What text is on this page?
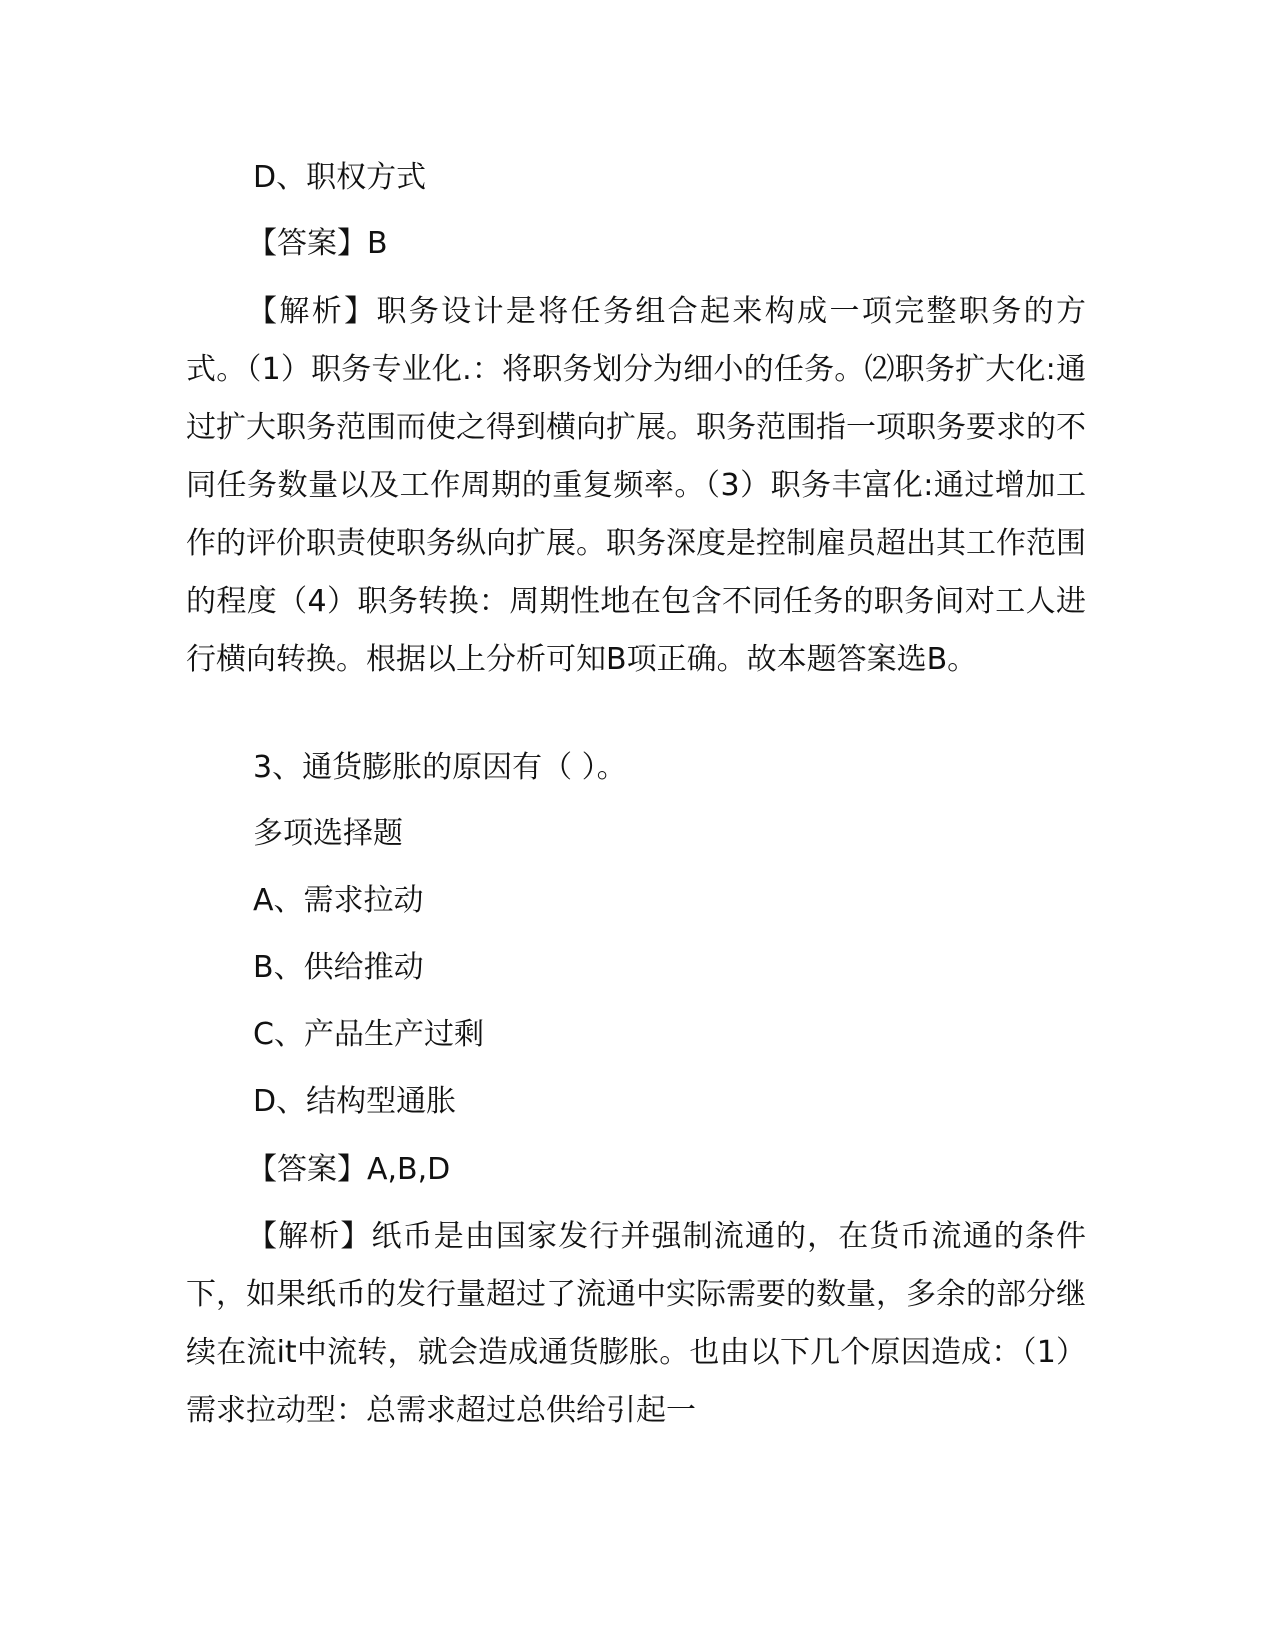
D、职权方式
【答案】B

【解析】职务设计是将任务组合起来构成一项完整职务的方式。（1）职务专业化.：将职务划分为细小的任务。⑵职务扩大化:通过扩大职务范围而使之得到横向扩展。职务范围指一项职务要求的不同任务数量以及工作周期的重复频率。（3）职务丰富化:通过增加工作的评价职责使职务纵向扩展。职务深度是控制雇员超出其工作范围的程度（4）职务转换：周期性地在包含不同任务的职务间对工人进行横向转换。根据以上分析可知B项正确。故本题答案选B。

3、通货膨胀的原因有（ ）。
多项选择题
A、需求拉动
B、供给推动
C、产品生产过剩
D、结构型通胀
【答案】A,B,D

【解析】纸币是由国家发行并强制流通的，在货币流通的条件下，如果纸币的发行量超过了流通中实际需要的数量，多余的部分继续在流it中流转，就会造成通货膨胀。也由以下几个原因造成：（1）需求拉动型：总需求超过总供给引起一
